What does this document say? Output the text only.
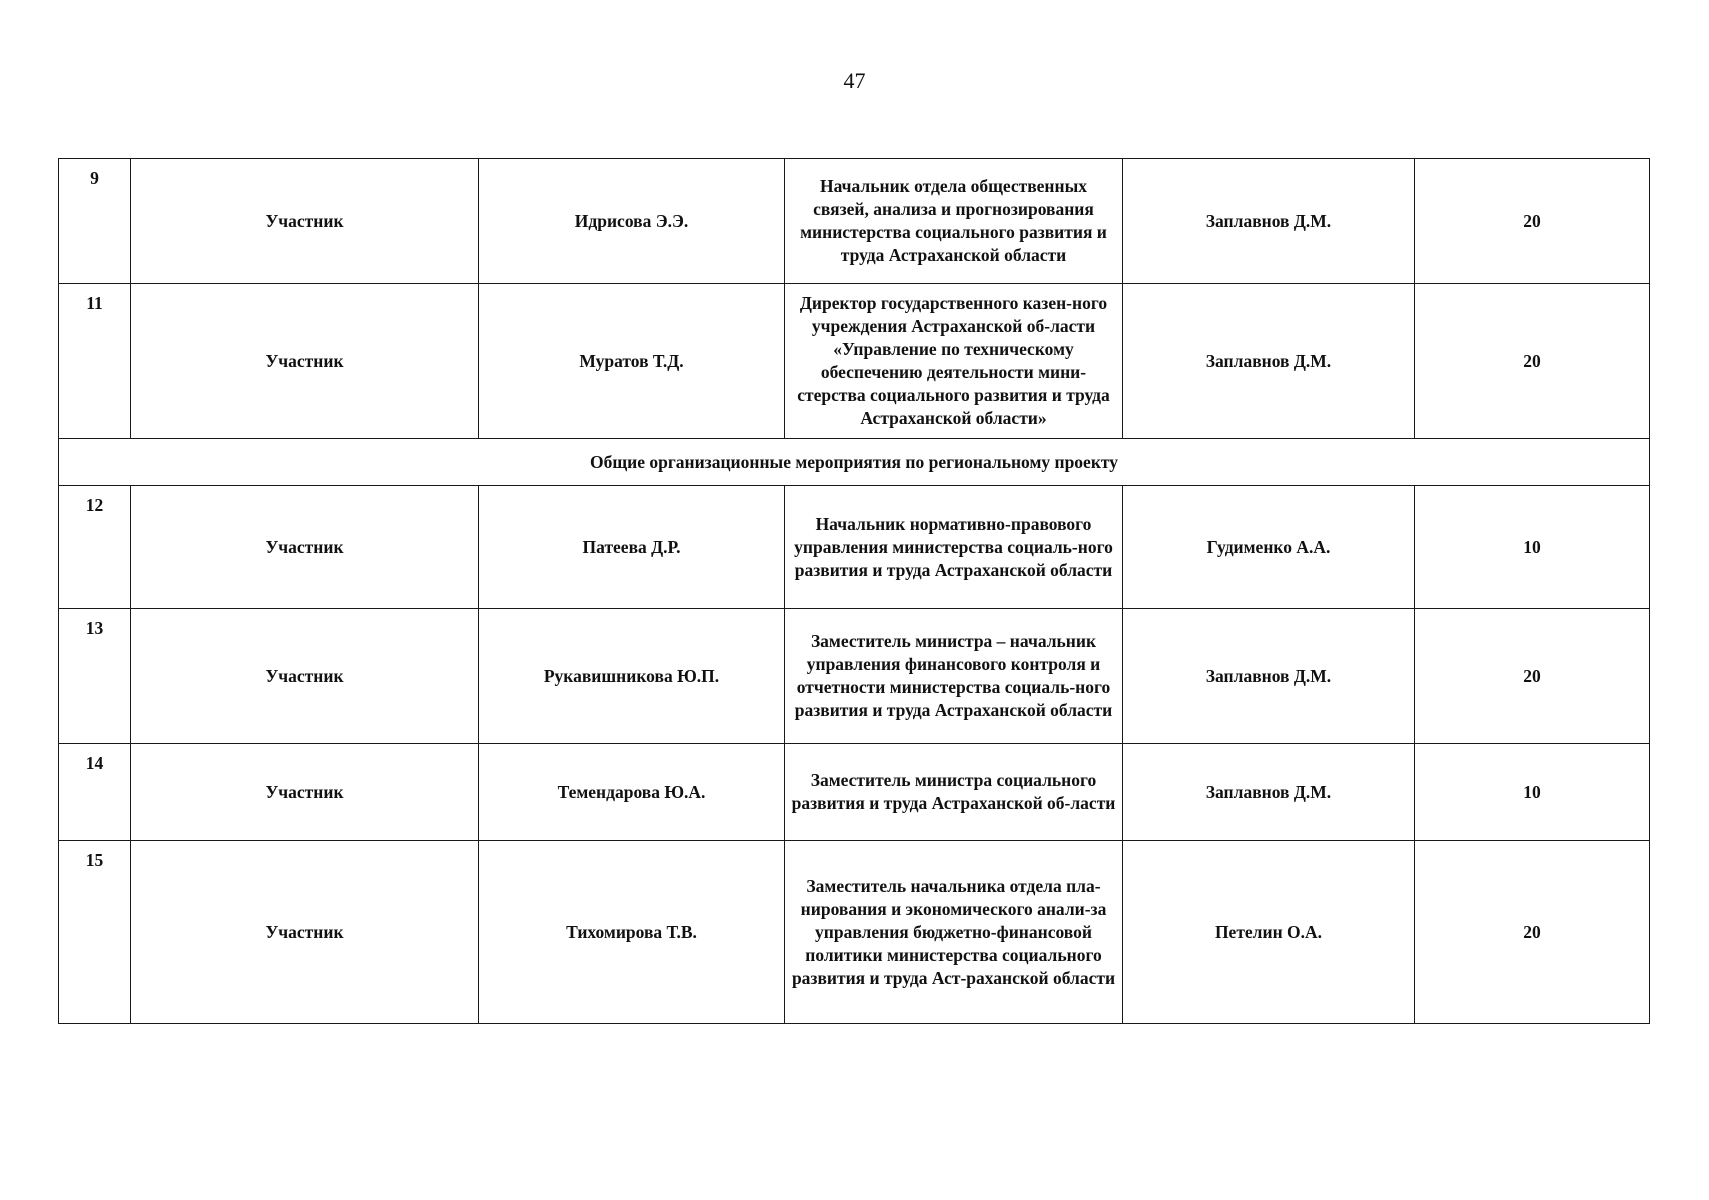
47
9	Участник	Идрисова Э.Э.	Начальник отдела общественных связей, анализа и прогнозирования министерства социального развития и труда Астраханской области	Заплавнов Д.М.	20
11	Участник	Муратов Т.Д.	Директор государственного казен-ного учреждения Астраханской об-ласти «Управление по техническому обеспечению деятельности мини-стерства социального развития и труда Астраханской области»	Заплавнов Д.М.	20
Общие организационные мероприятия по региональному проекту					
12	Участник	Патеева Д.Р.	Начальник нормативно-правового управления министерства социаль-ного развития и труда Астраханской области	Гудименко А.А.	10
13	Участник	Рукавишникова Ю.П.	Заместитель министра – начальник управления финансового контроля и отчетности министерства социаль-ного развития и труда Астраханской области	Заплавнов Д.М.	20
14	Участник	Темендарова Ю.А.	Заместитель министра социального развития и труда Астраханской об-ласти	Заплавнов Д.М.	10
15	Участник	Тихомирова Т.В.	Заместитель начальника отдела пла-нирования и экономического анали-за управления бюджетно-финансовой политики министерства социального развития и труда Аст-раханской области	Петелин О.А.	20
